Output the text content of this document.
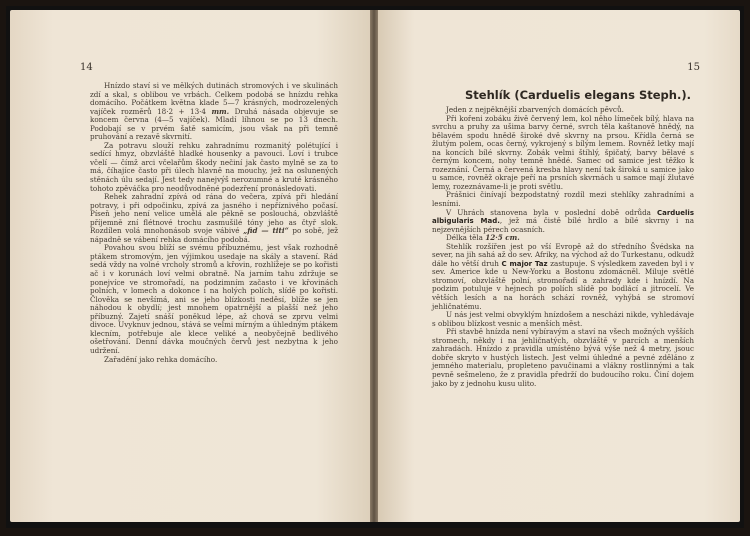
14

Hnízdo staví si ve mělkých dutinách stromových i ve skulinách zdí a skal, s oblibou ve vrbách. Celkem podobá se hnízdu rehka domácího. Počátkem května klade 5—7 krásných, modrozelených vajíček rozměrů 18·2 + 13·4 mm. Druhá násada objevuje se koncem června (4—5 vajíček). Mladí líhnou se po 13 dnech. Podobají se v prvém šatě samicím, jsou však na při temně pruhování a rezavě skvrnití.

Za potravu slouží rehku zahradnímu rozmanitý polétující i sedící hmyz, obzvláště hladké housenky a pavouci. Loví i trubce včelí — čímž arci včelařům škody nečiní jak často mylně se za to má, číhajíce často při úlech hlavně na mouchy, jež na oslunených stěnách úlu sedají. Jest tedy nanejvýš nerozumné a kruté krásného tohoto zpěváčka pro neodůvodněné podezření pronásledovati.

Rehek zahradní zpívá od rána do večera, zpívá při hledání potravy, i při odpočinku, zpívá za jasného i nepříznivého počasí. Píseň jeho není velice umělá ale pěkně se poslouchá, obzvláště příjemně zní flétnové trochu zasmušilé tóny jeho as čtyř slok. Rozdílen volá mnohonásob svoje vábivé „fid — titi“ po sobě, jež nápadně se vábení rehka domácího podobá.

Povahou svou blíží se svému příbuznému, jest však rozhodně ptákem stromovým, jen výjimkou usedaje na skály a stavení. Rád sedá vždy na volné vrcholy stromů a křovin, rozhlížeje se po kořisti ač i v korunách loví velmi obratně. Na jarním tahu zdržuje se ponejvíce ve stromořadí, na podzimním začasto i ve křovinách polních, v lomech a dokonce i na holých polích, slídě po kořisti. Člověka se nevšímá, ani se jeho blízkosti neděsí, blíže se jen náhodou k obydlí; jest mnohem opatrnější a plašší než jeho příbuzný. Zajetí snáší poněkud lépe, až chová se zprvu velmi divoce. Uvyknuv jednou, stává se velmi mírným a úhledným ptákem klecním, potřebuje ale klece veliké a neobyčejně bedlivého ošetřování. Denní dávka moučných červů jest nezbytna k jeho udržení.

Zařadění jako rehka domácího.

15
Stehlík (Carduelis elegans Steph.).

Jeden z nejpěknější zbarvených domácích pěvců.

Při kořeni zobáku živě červený lem, kol něho límeček bílý, hlava na svrchu a pruhy za ušima barvy černé, svrch těla kaštanově hnědý, na bělavém spodu hnědě široké dvě skvrny na prsou. Křídla černá se žlutým polem, ocas černý, vykrojený s bílým lemem. Rovněž letky mají na koncích bílé skvrny. Zobák velmi štíhlý, špičatý, barvy bělavé s černým koncem, nohy temně hnědé. Samec od samice jest těžko k rozeznání. Černá a červená kresba hlavy není tak široká u samice jako u samce, rovněž okraje peří na prsních skvrnách u samce mají žlutavé lemy, rozeznávame-li je proti světlu.

Prášnici činívají bezpodstatný rozdíl mezi stehlíky zahradními a lesními.

V Uhrách stanovena byla v poslední době odrůda Carduelis albigularis Mad., jež má čistě bílé hrdlo a bílé skvrny i na nejzevnějších pérech ocasních.

Délka těla 12·5 cm.

Stehlík rozšířen jest po vší Evropě až do středního Švédska na sever, na jih sahá až do sev. Afriky, na východ až do Turkestanu, odkudž dále ho větší druh C major Taz zastupuje. S výsledkem zaveden byl i v sev. Americe kde u New-Yorku a Bostonu zdomácněl. Miluje světlé stromoví, obzvláště polní, stromořadí a zahrady kde i hnízdí. Na podzim potuluje v hejnech po polích slídě po bodlácí a jitrocelí. Ve větších lesích a na horách schází rovněž, vyhýbá se stromoví jehličnatému.

U nás jest velmi obvyklým hnízdošem a nescházi nikde, vyhledávaje s oblibou blízkost vesnic a menších měst.

Při stavbě hnízda není vybíravým a staví na všech možných vyšších stromech, někdy i na jehličnatých, obzvláště v parcích a menších zahradách. Hnízdo z pravidla umístěno bývá výše než 4 metry, jsouc dobře skryto v hustých listech. Jest velmi úhledné a pevné zděláno z jemného materialu, propleteno pavučinami a vlákny rostlinnými a tak pevně sešmeleno, že z pravidla předrží do budoucího roku. Činí dojem jako by z jednohu kusu ulito.
